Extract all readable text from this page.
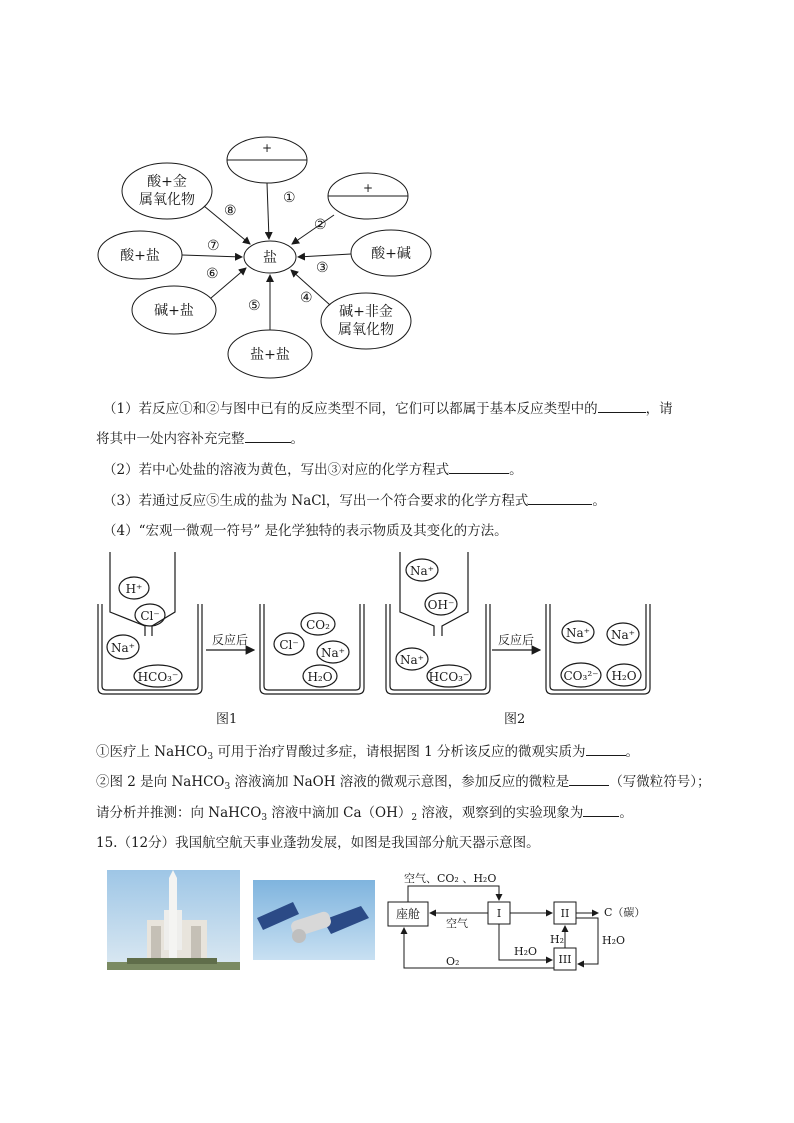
盐
+
+
酸+碱
碱+非金
属氧化物
盐+盐
碱+盐
酸+盐
酸+金
属氧化物	①
②
③
④
⑤
⑥
⑦
⑧
（1）若反应①和②与图中已有的反应类型不同，它们可以都属于基本反应类型中的	，请
将其中一处内容补充完整	。
（2）若中心处盐的溶液为黄色，写出③对应的化学方程式	。
（3）若通过反应⑤生成的盐为 NaCl，写出一个符合要求的化学方程式	。
（4）“宏观一微观一符号” 是化学独特的表示物质及其变化的方法。
H⁺
Cl⁻
Na⁺
HCO₃⁻
反应后	Cl⁻
CO₂
Na⁺
H₂O
Na⁺
OH⁻
Na⁺
HCO₃⁻
反应后	Na⁺ Na⁺
CO₃²⁻ H₂O
图1	图2
①医疗上 NaHCO$_3$ 可用于治疗胃酸过多症，请根据图 1 分析该反应的微观实质为	。
②图 2 是向 NaHCO$_3$ 溶液滴加 NaOH 溶液的微观示意图，参加反应的微粒是	（写微粒符号）；
请分析并推测：向 NaHCO$_3$ 溶液中滴加 $Ca(OH)_2$ 溶液，观察到的实验现象为	。
15.（12分）我国航空航天事业蓬勃发展，如图是我国部分航天器示意图。
座舱	I	II
III
空气、CO₂ 、H₂O
空气
C（碳）
H₂	H₂O
H₂O
O₂
